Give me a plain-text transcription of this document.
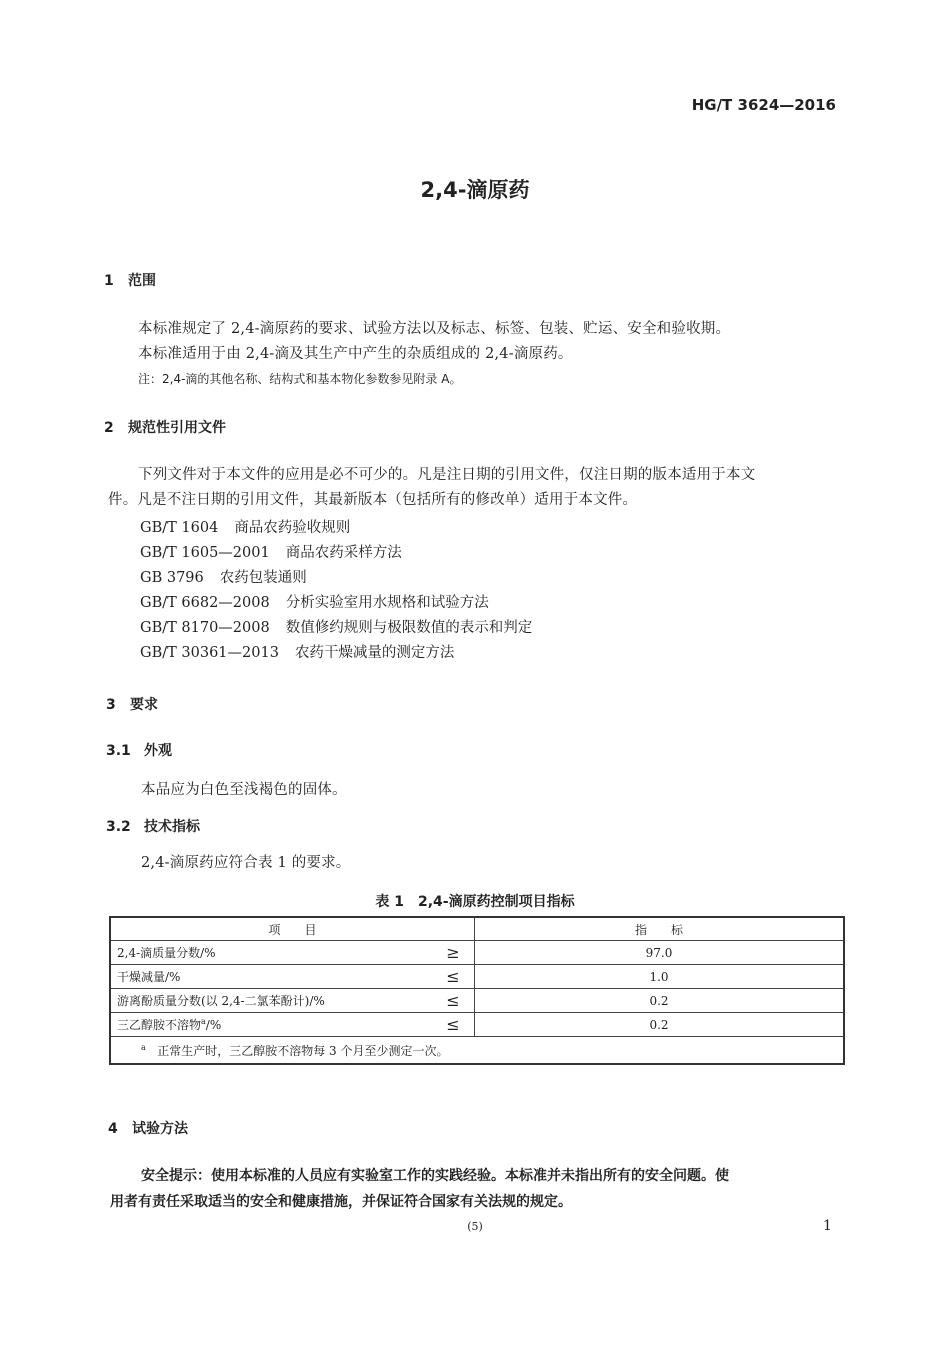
HG/T 3624—2016
2,4-滴原药
1 范围
本标准规定了 2,4-滴原药的要求、试验方法以及标志、标签、包装、贮运、安全和验收期。
本标准适用于由 2,4-滴及其生产中产生的杂质组成的 2,4-滴原药。
注：2,4-滴的其他名称、结构式和基本物化参数参见附录 A。
2 规范性引用文件
下列文件对于本文件的应用是必不可少的。凡是注日期的引用文件，仅注日期的版本适用于本文
件。凡是不注日期的引用文件，其最新版本（包括所有的修改单）适用于本文件。
GB/T 1604 商品农药验收规则
GB/T 1605—2001 商品农药采样方法
GB 3796 农药包装通则
GB/T 6682—2008 分析实验室用水规格和试验方法
GB/T 8170—2008 数值修约规则与极限数值的表示和判定
GB/T 30361—2013 农药干燥减量的测定方法
3 要求
3.1 外观
本品应为白色至浅褐色的固体。
3.2 技术指标
2,4-滴原药应符合表 1 的要求。
表 1　2,4-滴原药控制项目指标
项　　目		指　　标
2,4-滴质量分数/%	≥	97.0
干燥减量/%	≤	1.0
游离酚质量分数(以 2,4-二氯苯酚计)/%	≤	0.2
三乙醇胺不溶物$^a$/%	≤	0.2
$^a$ 正常生产时，三乙醇胺不溶物每 3 个月至少测定一次。		
4 试验方法
安全提示：使用本标准的人员应有实验室工作的实践经验。本标准并未指出所有的安全问题。使
用者有责任采取适当的安全和健康措施，并保证符合国家有关法规的规定。
(5)	1
